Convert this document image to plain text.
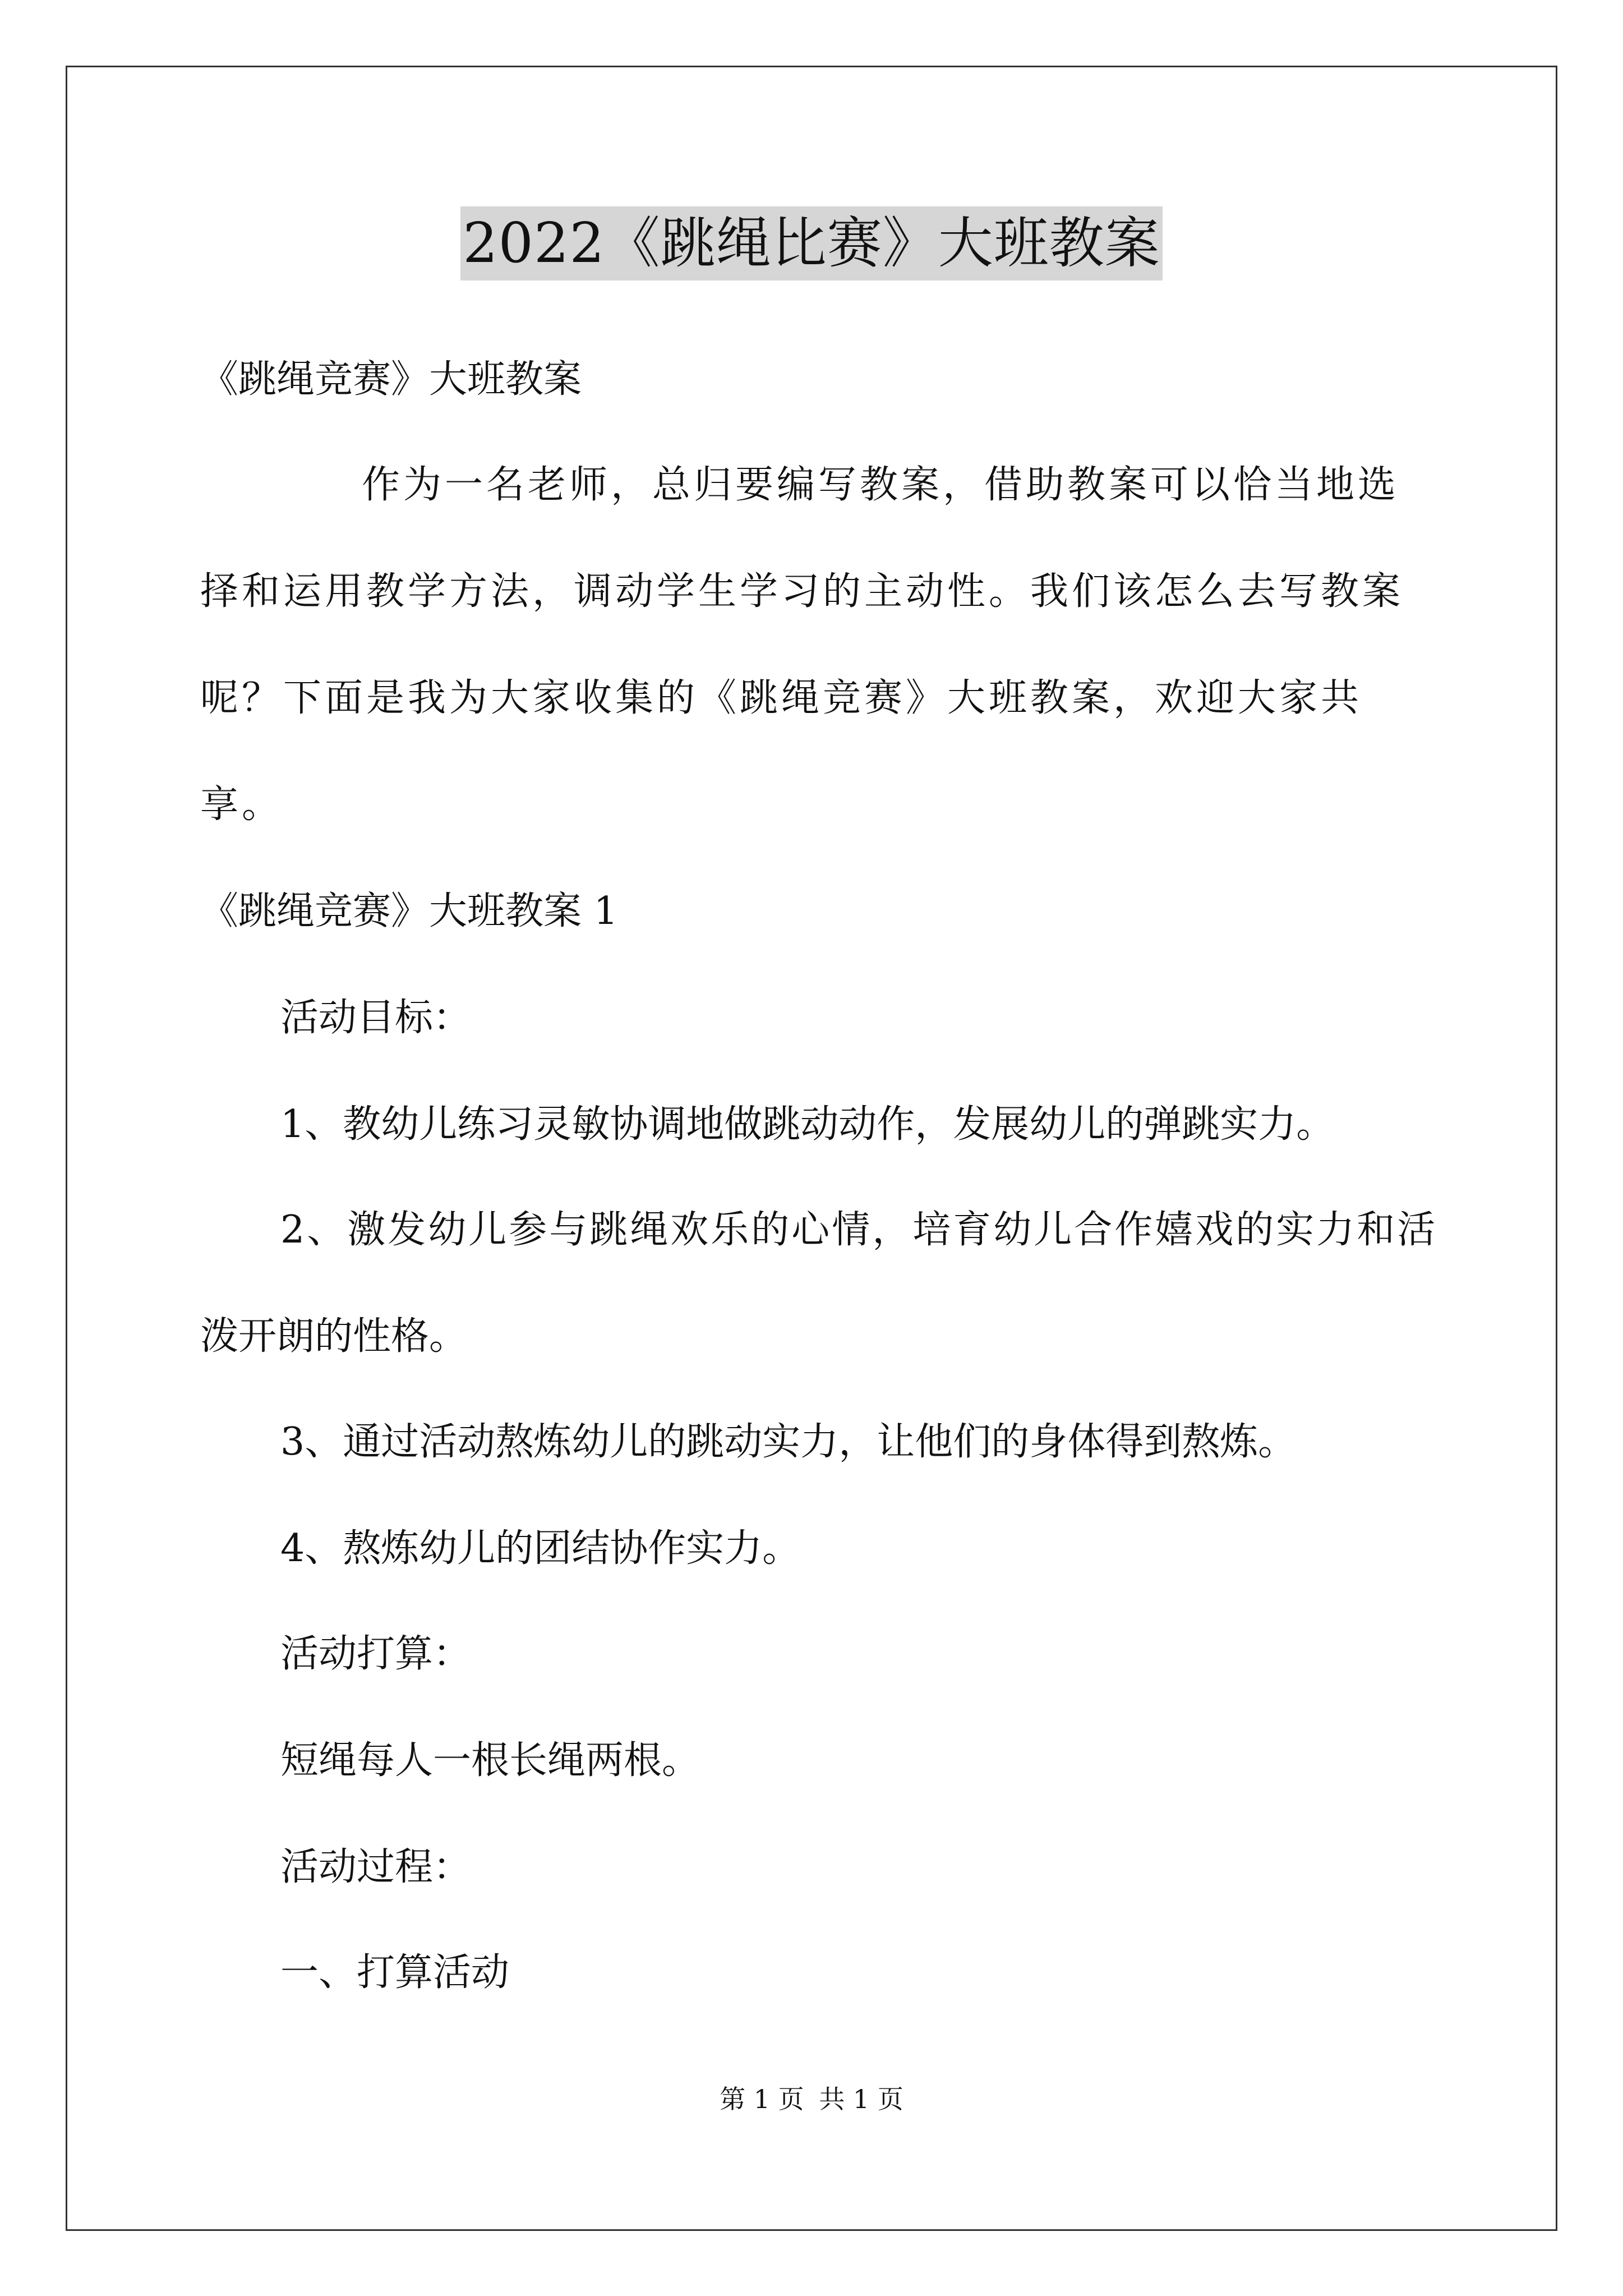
2022《跳绳比赛》大班教案
《跳绳竞赛》大班教案
作为一名老师，总归要编写教案，借助教案可以恰当地选择和运用教学方法，调动学生学习的主动性。我们该怎么去写教案呢？下面是我为大家收集的《跳绳竞赛》大班教案，欢迎大家共享。
《跳绳竞赛》大班教案 1
活动目标：
1、教幼儿练习灵敏协调地做跳动动作，发展幼儿的弹跳实力。
2、激发幼儿参与跳绳欢乐的心情，培育幼儿合作嬉戏的实力和活
泼开朗的性格。
3、通过活动熬炼幼儿的跳动实力，让他们的身体得到熬炼。
4、熬炼幼儿的团结协作实力。
活动打算：
短绳每人一根长绳两根。
活动过程：
一、打算活动
第 1 页 共 1 页
